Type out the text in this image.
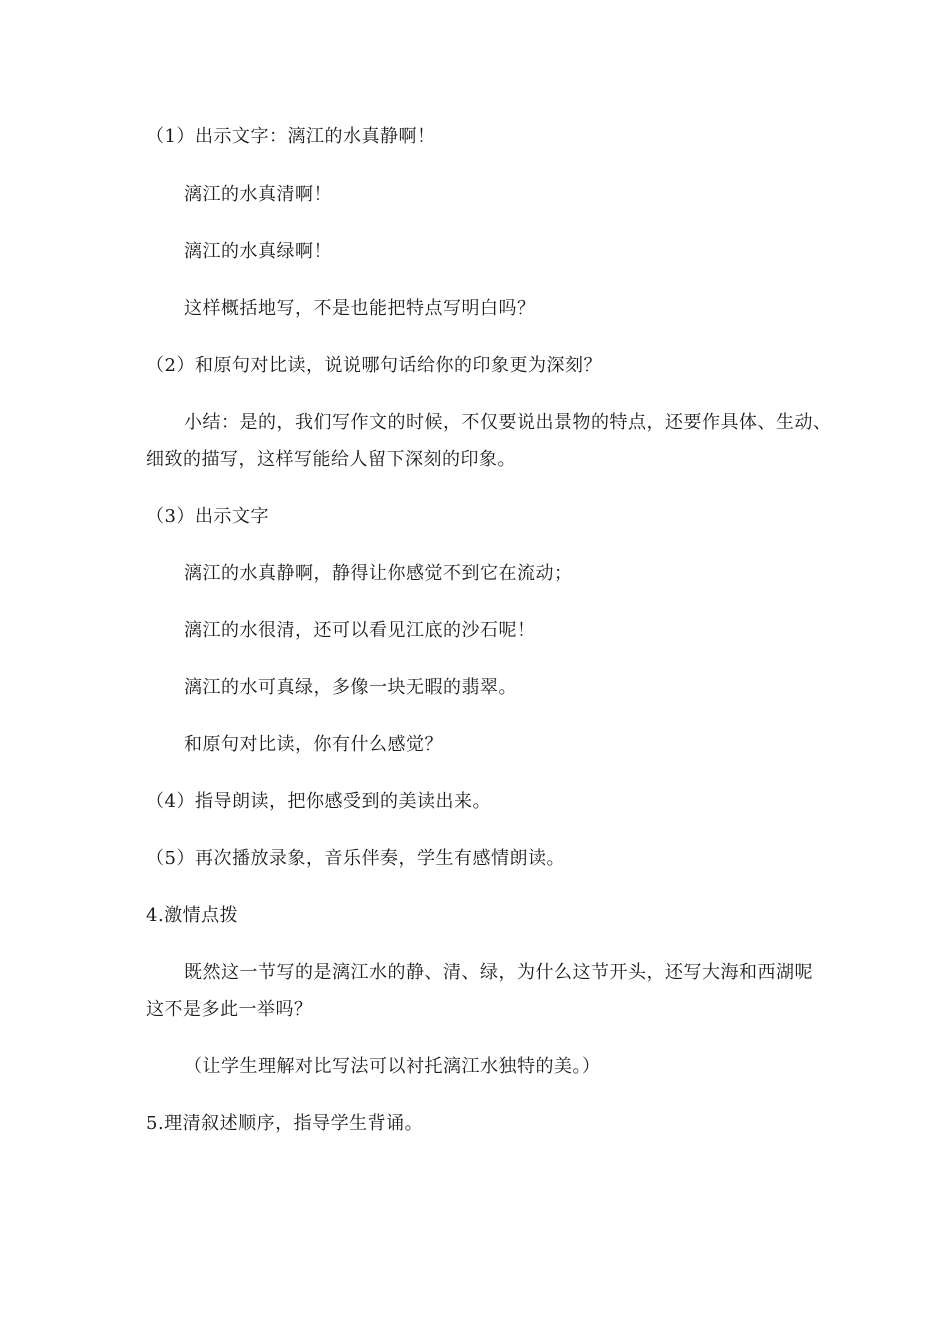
（1）出示文字：漓江的水真静啊！
漓江的水真清啊！
漓江的水真绿啊！
这样概括地写，不是也能把特点写明白吗？
（2）和原句对比读，说说哪句话给你的印象更为深刻？
小结：是的，我们写作文的时候，不仅要说出景物的特点，还要作具体、生动、
细致的描写，这样写能给人留下深刻的印象。
（3）出示文字
漓江的水真静啊，静得让你感觉不到它在流动；
漓江的水很清，还可以看见江底的沙石呢！
漓江的水可真绿，多像一块无暇的翡翠。
和原句对比读，你有什么感觉？
（4）指导朗读，把你感受到的美读出来。
（5）再次播放录象，音乐伴奏，学生有感情朗读。
4.激情点拨
既然这一节写的是漓江水的静、清、绿，为什么这节开头，还写大海和西湖呢
这不是多此一举吗？
（让学生理解对比写法可以衬托漓江水独特的美。）
5.理清叙述顺序，指导学生背诵。
